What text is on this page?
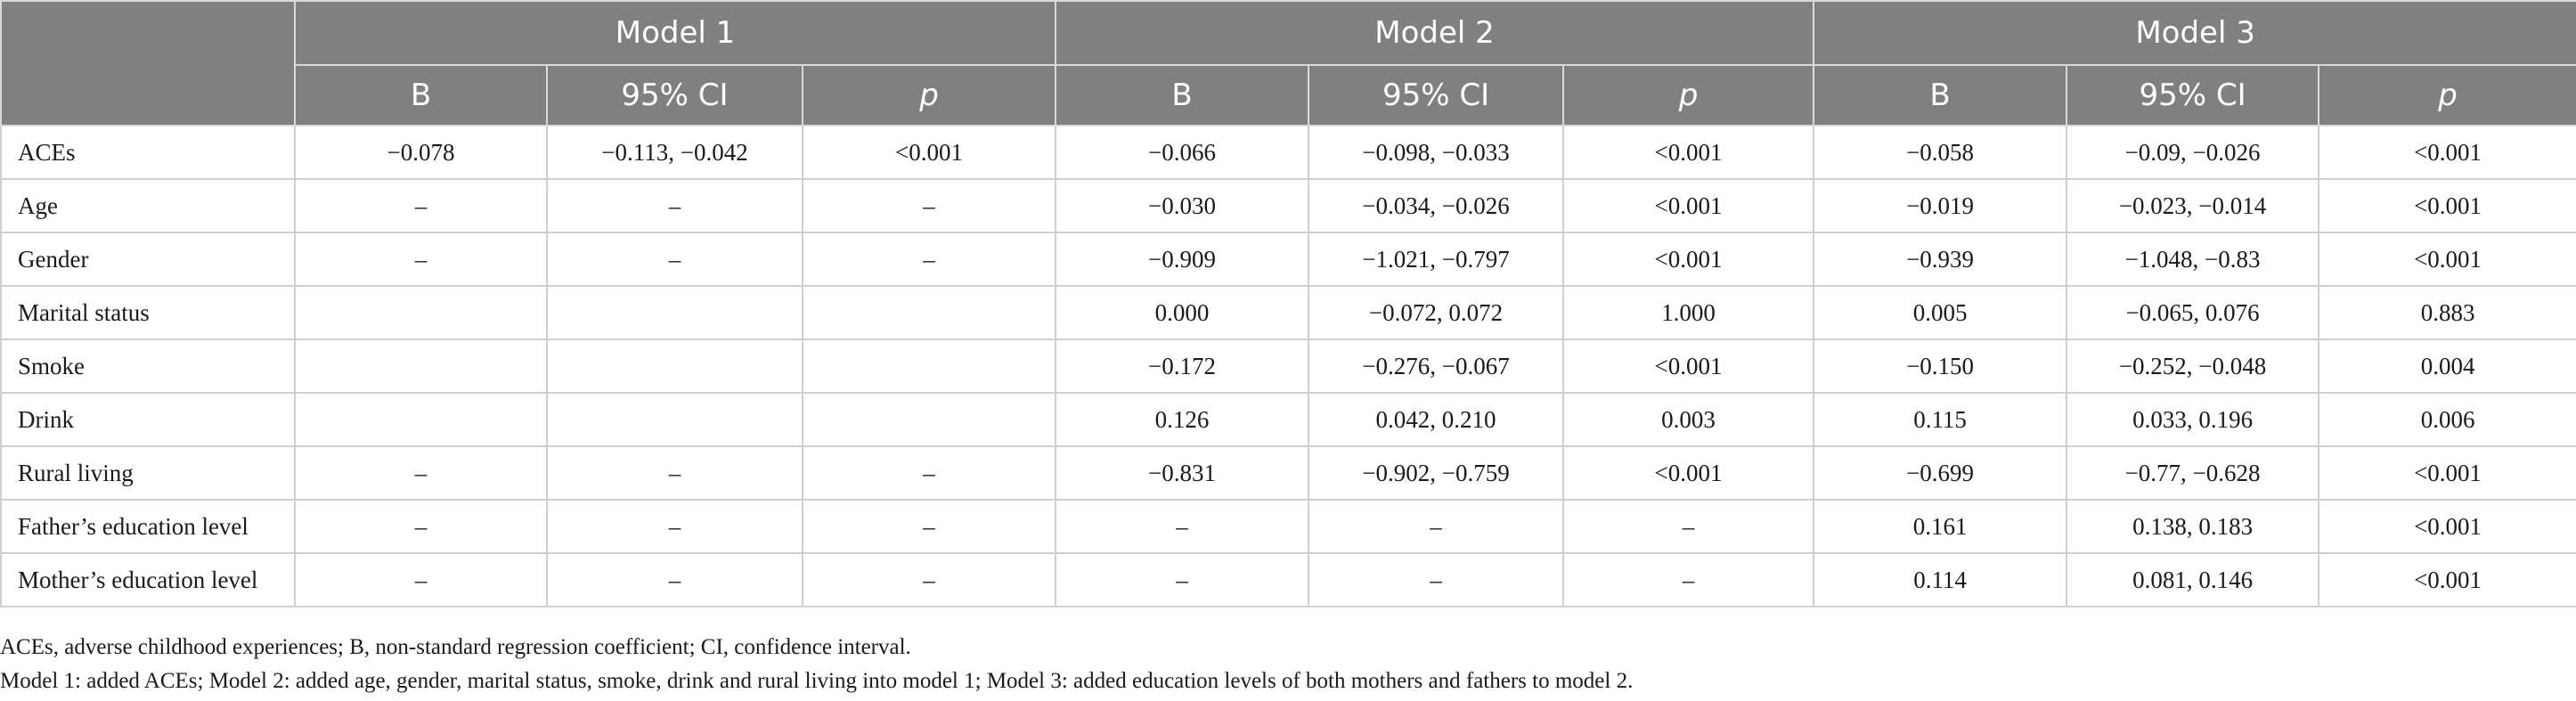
	Model 1			Model 2			Model 3		
	B	95% CI	p	B	95% CI	p	B	95% CI	p
ACEs	−0.078	−0.113, −0.042	<0.001	−0.066	−0.098, −0.033	<0.001	−0.058	−0.09, −0.026	<0.001
Age	–	–	–	−0.030	−0.034, −0.026	<0.001	−0.019	−0.023, −0.014	<0.001
Gender	–	–	–	−0.909	−1.021, −0.797	<0.001	−0.939	−1.048, −0.83	<0.001
Marital status				0.000	−0.072, 0.072	1.000	0.005	−0.065, 0.076	0.883
Smoke				−0.172	−0.276, −0.067	<0.001	−0.150	−0.252, −0.048	0.004
Drink				0.126	0.042, 0.210	0.003	0.115	0.033, 0.196	0.006
Rural living	–	–	–	−0.831	−0.902, −0.759	<0.001	−0.699	−0.77, −0.628	<0.001
Father’s education level	–	–	–	–	–	–	0.161	0.138, 0.183	<0.001
Mother’s education level	–	–	–	–	–	–	0.114	0.081, 0.146	<0.001

ACEs, adverse childhood experiences; B, non-standard regression coefficient; CI, confidence interval.

Model 1: added ACEs; Model 2: added age, gender, marital status, smoke, drink and rural living into model 1; Model 3: added education levels of both mothers and fathers to model 2.
